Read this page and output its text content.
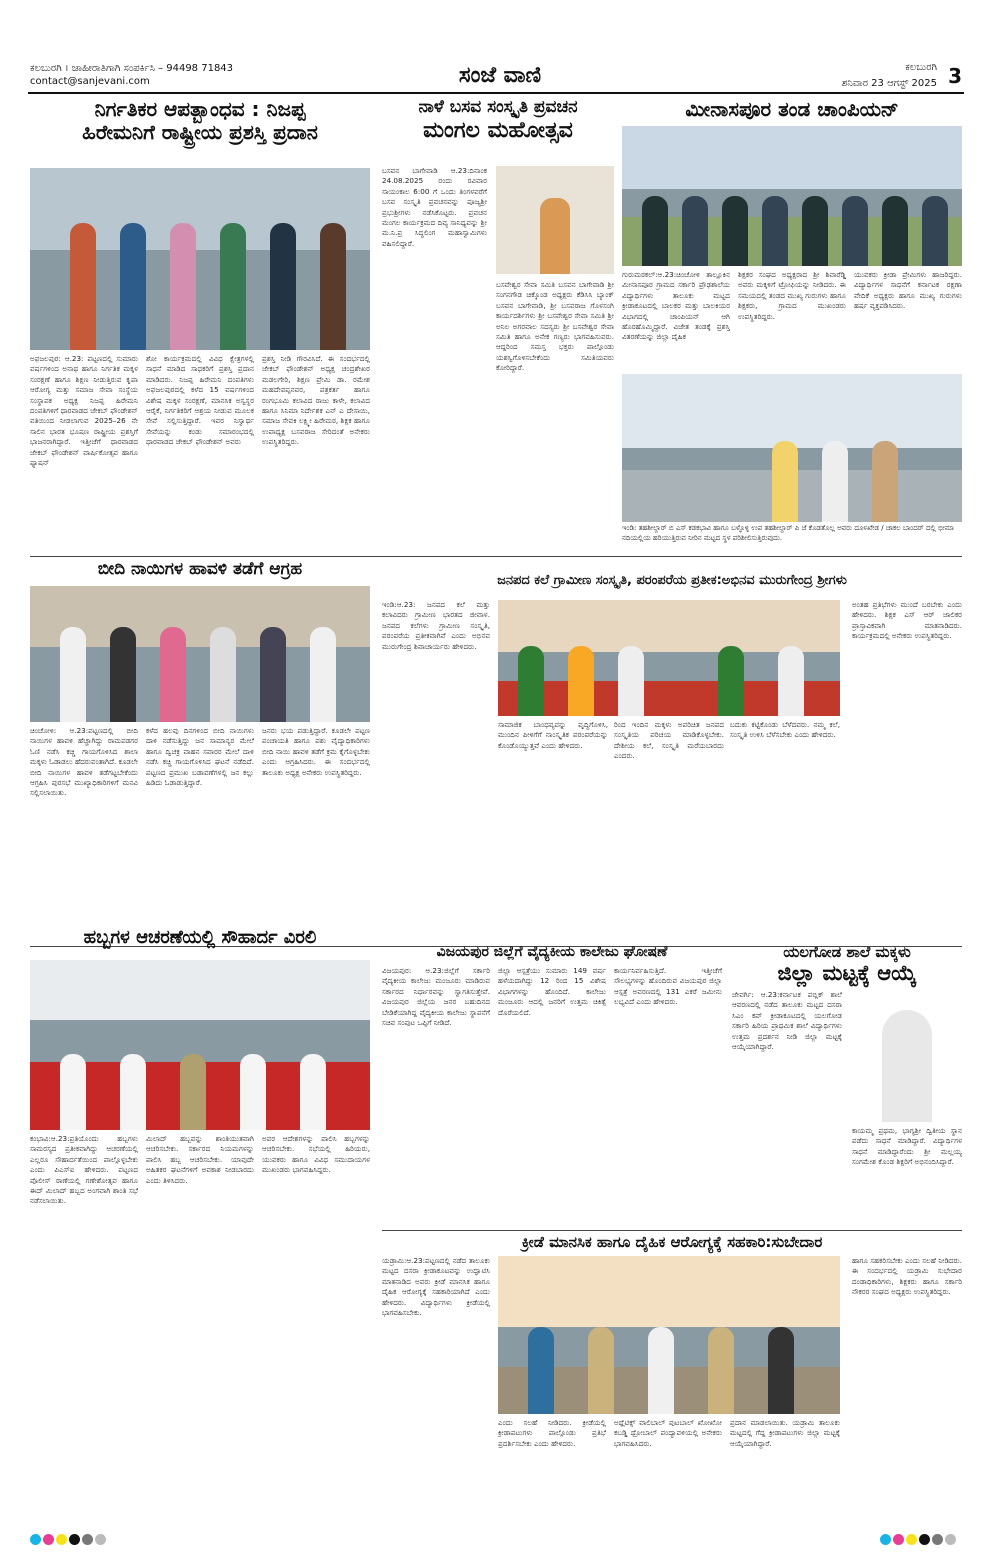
ಕಲಬುರಗಿ । ಜಾಹೀರಾತಿಗಾಗಿ ಸಂಪರ್ಕಿಸಿ – 94498 71843
contact@sanjevani.com	ಸಂಜೆ ವಾಣಿ	ಕಲಬುರಗಿ
ಶನಿವಾರ 23 ಆಗಸ್ಟ್ 2025 3
ನಿರ್ಗತಿಕರ ಆಪತ್ಬಾಂಧವ : ನಿಜಪ್ಪ
ಹಿರೇಮನಿಗೆ ರಾಷ್ಟ್ರೀಯ ಪ್ರಶಸ್ತಿ ಪ್ರದಾನ
ಅಫಜಲಪುರ: ಆ.23: ಪಟ್ಟಣದಲ್ಲಿ ಸುಮಾರು ವರ್ಷಗಳಿಂದ ಅನಾಥ ಹಾಗೂ ನಿರ್ಗತಿಕ ಮಕ್ಕಳ ಸಂರಕ್ಷಣೆ ಹಾಗೂ ಶಿಕ್ಷಣ ನೀಡುತ್ತಿರುವ ಕೃಪಾ ಆರೋಗ್ಯ ಮತ್ತು ಸಮಾಜ ಸೇವಾ ಸಂಸ್ಥೆಯ ಸಂಸ್ಥಾಪಕ ಅಧ್ಯಕ್ಷ ನಿಜಪ್ಪ ಹಿರೇಮನಿ ದಂಪತಿಗಳಿಗೆ ಧಾರವಾಡದ ಜೇಕಬ್ ಫೌಂಡೇಶನ್ ವತಿಯಿಂದ ನೀಡಲಾಗುವ 2025–26 ನೇ ಸಾಲಿನ ಭಾರತ ಭೂಷಣ ರಾಷ್ಟ್ರೀಯ ಪ್ರಶಸ್ತಿಗೆ ಭಾಜನರಾಗಿದ್ದಾರೆ. ಇತ್ತೀಚೆಗೆ ಧಾರವಾಡದ ಜೇಕಬ್ ಫೌಂಡೇಶನ್ ವಾರ್ಷಿಕೋತ್ಸವ ಹಾಗೂ ಫ್ಯಾಷನ್
ಶೋ ಕಾರ್ಯಕ್ರಮದಲ್ಲಿ ವಿವಿಧ ಕ್ಷೇತ್ರಗಳಲ್ಲಿ ಸಾಧನೆ ಮಾಡಿದ ಸಾಧಕರಿಗೆ ಪ್ರಶಸ್ತಿ ಪ್ರದಾನ ಮಾಡಿದರು. ನಿಜಪ್ಪ ಹಿರೇಮನಿ ದಂಪತಿಗಳು ಅಫಜಲಪುರದಲ್ಲಿ ಕಳೆದ 15 ವರ್ಷಗಳಿಂದ ವಿಶೇಷ ಮಕ್ಕಳ ಸಂರಕ್ಷಣೆ, ಮಾನಸಿಕ ಅಸ್ವಸ್ಥರ ಆರೈಕೆ, ನಿರ್ಗತಿಕರಿಗೆ ಆಶ್ರಯ ನೀಡುವ ಮೂಲಕ ಸೇವೆ ಸಲ್ಲಿಸುತ್ತಿದ್ದಾರೆ. ಇವರ ನಿಸ್ವಾರ್ಥ ಸೇವೆಯನ್ನು ಕಂಡು ಸಮಾರಂಭದಲ್ಲಿ ಧಾರವಾಡದ ಜೇಕಬ್ ಫೌಂಡೇಶನ್ ಅವರು
ಪ್ರಶಸ್ತಿ ನೀಡಿ ಗೌರವಿಸಿದೆ. ಈ ಸಂದರ್ಭದಲ್ಲಿ ಜೇಕಬ್ ಫೌಂಡೇಶನ್ ಅಧ್ಯಕ್ಷ ಚಂದ್ರಶೇಖರ ಮಡಲಗೇರಿ, ಶಿಕ್ಷಣ ಪ್ರೇಮಿ ಡಾ. ರಮೇಶ ಮಹದೇವಪ್ಪನವರ, ಪತ್ರಕರ್ತ ಹಾಗೂ ರಂಗಭೂಮಿ ಕಲಾವಿದ ರಾಜು ಕಾಳೇ, ಕಲಾವಿದ ಹಾಗೂ ಸಿನಿಮಾ ನಿರ್ದೇಶಕ ಎನ್ ಎ ದೇಸಾಯಿ, ಸಮಾಜ ಸೇವಕಿ ಲಕ್ಷ್ಮೀ ಹಿರೇಮಠ, ಶಿಕ್ಷಕ ಹಾಗೂ ಉಪಾಧ್ಯಕ್ಷ ಬಸವರಾಜ ಸೇರಿದಂತೆ ಅನೇಕರು ಉಪಸ್ಥಿತರಿದ್ದರು.
ನಾಳೆ ಬಸವ ಸಂಸ್ಕೃತಿ ಪ್ರವಚನ
ಮಂಗಲ ಮಹೋತ್ಸವ
ಬಸವನ ಬಾಗೇವಾಡಿ ಆ.23:ದಿನಾಂಕ 24.08.2025 ರಂದು ರವಿವಾರ ಸಾಯಂಕಾಲ 6:00 ಗೆ ಒಂದು ತಿಂಗಳವರೆಗೆ ಬಸವ ಸಂಸ್ಕೃತಿ ಪ್ರವಚನವನ್ನು ಪೂಜ್ಯಶ್ರೀ ಪ್ರಭುಶ್ರೀಗಳು ನಡೆಸಿಕೊಟ್ಟರು. ಪ್ರವಚನ ಮಂಗಲ ಕಾರ್ಯಕ್ರಮದ ದಿವ್ಯ ಸಾನಿಧ್ಯವನ್ನು ಶ್ರೀ ಮ.ನಿ.ಪ್ರ ಸಿದ್ಧಲಿಂಗ ಮಹಾಸ್ವಾಮಿಗಳು ವಹಿಸಲಿದ್ದಾರೆ.
ಬಸವೇಶ್ವರ ಸೇವಾ ಸಮಿತಿ ಬಸವನ ಬಾಗೇವಾಡಿ ಶ್ರೀ ಸಂಗನಗೌಡ ಚಿಕ್ಕೊಂಡ ಅಧ್ಯಕ್ಷರು ಕೆಡಿಸಿಸಿ ಬ್ಯಾಂಕ್ ಬಸವನ ಬಾಗೇವಾಡಿ, ಶ್ರೀ ಬಸವರಾಜ ಗೊಳಸಂಗಿ ಕಾರ್ಯದರ್ಶಿಗಳು ಶ್ರೀ ಬಸವೇಶ್ವರ ಸೇವಾ ಸಮಿತಿ ಶ್ರೀ ಅನಿಲ ಅಗರವಾಲ ಸದಸ್ಯರು ಶ್ರೀ ಬಸವೇಶ್ವರ ಸೇವಾ ಸಮಿತಿ ಹಾಗೂ ಅನೇಕ ಗಣ್ಯರು ಭಾಗವಹಿಸುವರು. ಆದ್ದರಿಂದ ಸಮಸ್ತ ಭಕ್ತರು ಪಾಲ್ಗೊಂಡು ಯಶಸ್ವಿಗೊಳಿಸಬೇಕೆಂದು ಸಮಿತಿಯವರು ಕೋರಿದ್ದಾರೆ.
ಮೀನಾಸಪೂರ ತಂಡ ಚಾಂಪಿಯನ್
ಗುರುಮಠಕಲ್:ಆ.23:ಚಿಂಚೋಳಿ ತಾಲ್ಲೂಕಿನ ಮೀನಾಸಪೂರ ಗ್ರಾಮದ ಸರ್ಕಾರಿ ಪ್ರೌಢಶಾಲೆಯ ವಿದ್ಯಾರ್ಥಿಗಳು ತಾಲೂಕು ಮಟ್ಟದ ಕ್ರೀಡಾಕೂಟದಲ್ಲಿ ಬಾಲಕರ ಮತ್ತು ಬಾಲಕಿಯರ ವಿಭಾಗದಲ್ಲಿ ಚಾಂಪಿಯನ್ ಆಗಿ ಹೊರಹೊಮ್ಮಿದ್ದಾರೆ. ವಿಜೇತ ತಂಡಕ್ಕೆ ಪ್ರಶಸ್ತಿ ವಿತರಣೆಯನ್ನು ಜಿಲ್ಲಾ ದೈಹಿಕ
ಶಿಕ್ಷಕರ ಸಂಘದ ಅಧ್ಯಕ್ಷರಾದ ಶ್ರೀ ಶಿವಾರೆಡ್ಡಿ ಅವರು ಮಕ್ಕಳಿಗೆ ಟ್ರೋಫಿಯನ್ನು ನೀಡಿದರು. ಈ ಸಮಯದಲ್ಲಿ ತಂಡದ ಮುಖ್ಯ ಗುರುಗಳು ಹಾಗೂ ಶಿಕ್ಷಕರು, ಗ್ರಾಮದ ಮುಖಂಡರು ಉಪಸ್ಥಿತರಿದ್ದರು.
ಯುವಕರು ಕ್ರೀಡಾ ಪ್ರೇಮಿಗಳು ಹಾಜರಿದ್ದರು. ವಿದ್ಯಾರ್ಥಿಗಳ ಸಾಧನೆಗೆ ಕರ್ನಾಟಕ ರಕ್ಷಣಾ ವೇದಿಕೆ ಅಧ್ಯಕ್ಷರು ಹಾಗೂ ಮುಖ್ಯ ಗುರುಗಳು ಹರ್ಷ ವ್ಯಕ್ತಪಡಿಸಿದರು.
ಇಂಡಿ: ತಹಶೀಲ್ದಾರ್ ಬಿ ಎಸ್ ಕಡಕಭಾವಿ ಹಾಗೂ ಬಳ್ಳೊಳ್ಳಿ ಉಪ ತಹಶೀಲ್ದಾರ್ ಪಿ ಜೆ ಕೊಡತೊಲ್ಲ ಅವರು ದೂಳಖೇಡ / ಚಾಕಲ ಬಾಂದರ್ ದಲ್ಲಿ ಭೀಮಾ ನದಿಯಲ್ಲಿಯ ಹರಿಯುತ್ತಿರುವ ನೀರಿನ ಮಟ್ಟದ ಸ್ಥಳ ಪರಿಶೀಲಿಸುತ್ತಿರುವುದು.
ಬೀದಿ ನಾಯಿಗಳ ಹಾವಳಿ ತಡೆಗೆ ಆಗ್ರಹ
ಚಿಂಚೋಳಿ: ಆ.23:ಪಟ್ಟಣದಲ್ಲಿ ಬೀದಿ ನಾಯಿಗಳ ಹಾವಳಿ ಹೆಚ್ಚಾಗಿದ್ದು ರಾಮಪಡಗರ ಓಣಿ ನಡೆಸಿ ಕಚ್ಚಿ ಗಾಯಗೊಳಿಸಿದ ಶಾಲಾ ಮಕ್ಕಳು ಓಡಾಡಲು ಹೆದರುವಂತಾಗಿದೆ. ಕೂಡಲೇ ಬೀದಿ ನಾಯಿಗಳ ಹಾವಳಿ ತಡೆಗಟ್ಟಬೇಕೆಂದು ಆಗ್ರಹಿಸಿ ಪುರಸಭೆ ಮುಖ್ಯಾಧಿಕಾರಿಗಳಿಗೆ ಮನವಿ ಸಲ್ಲಿಸಲಾಯಿತು.
ಕಳೆದ ಹಲವು ದಿನಗಳಿಂದ ಬೀದಿ ನಾಯಿಗಳು ದಾಳಿ ನಡೆಸುತ್ತಿದ್ದು ಜನ ಸಾಮಾನ್ಯರ ಮೇಲೆ ಹಾಗೂ ದ್ವಿಚಕ್ರ ವಾಹನ ಸವಾರರ ಮೇಲೆ ದಾಳಿ ನಡೆಸಿ ಕಚ್ಚಿ ಗಾಯಗೊಳಿಸಿದ ಘಟನೆ ನಡೆದಿದೆ. ಪಟ್ಟಣದ ಪ್ರಮುಖ ಬಡಾವಣೆಗಳಲ್ಲಿ ಜನ ಕಲ್ಲು ಹಿಡಿದು ಓಡಾಡುತ್ತಿದ್ದಾರೆ.
ಜನರು ಭಯ ಪಡುತ್ತಿದ್ದಾರೆ. ಕೂಡಲೇ ಪಟ್ಟಣ ಪಂಚಾಯತಿ ಹಾಗೂ ಪಶು ವೈದ್ಯಾಧಿಕಾರಿಗಳು ಬೀದಿ ನಾಯಿ ಹಾವಳಿ ತಡೆಗೆ ಕ್ರಮ ಕೈಗೊಳ್ಳಬೇಕು ಎಂದು ಆಗ್ರಹಿಸಿದರು. ಈ ಸಂದರ್ಭದಲ್ಲಿ ತಾಲೂಕು ಅಧ್ಯಕ್ಷ ಅನೇಕರು ಉಪಸ್ಥಿತರಿದ್ದರು.
ಜನಪದ ಕಲೆ ಗ್ರಾಮೀಣ ಸಂಸ್ಕೃತಿ, ಪರಂಪರೆಯ ಪ್ರತೀಕ:ಅಭಿನವ ಮುರುಗೇಂದ್ರ ಶ್ರೀಗಳು
ಇಂಡಿ:ಆ.23: ಜನಪದ ಕಲೆ ಮತ್ತು ಕಲಾವಿದರು ಗ್ರಾಮೀಣ ಭಾರತದ ಜೀವಾಳ. ಜನಪದ ಕಲೆಗಳು ಗ್ರಾಮೀಣ ಸಂಸ್ಕೃತಿ, ಪರಂಪರೆಯ ಪ್ರತೀಕವಾಗಿವೆ ಎಂದು ಅಭಿನವ ಮುರುಗೇಂದ್ರ ಶಿವಾಚಾರ್ಯರು ಹೇಳಿದರು.
ಸಾಮಾಜಿಕ ಬಾಂಧವ್ಯವನ್ನು ವೃದ್ಧಿಗೊಳಿಸಿ, ಮುಂದಿನ ಪೀಳಿಗೆಗೆ ನಾಂಸ್ಕೃತಿಕ ಪರಂಪರೆಯನ್ನು ಕೊಂಡೊಯ್ಯುತ್ತವೆ ಎಂದು ಹೇಳಿದರು.
ರಿಂದ ಇಂದಿನ ಮಕ್ಕಳು ಅಪರಿಚಿತ ಜನಪದ ಸಂಸ್ಕೃತಿಯ ಪರಿಚಯ ಮಾಡಿಕೊಳ್ಳಬೇಕು. ದೇಶೀಯ ಕಲೆ, ಸಂಸ್ಕೃತಿ ಮರೆಯಬಾರದು ಎಂದರು.
ಬದುಕು ಕಟ್ಟಿಕೊಂಡು ಬೆಳೆದವರು. ನಮ್ಮ ಕಲೆ, ಸಂಸ್ಕೃತಿ ಉಳಿಸಿ ಬೆಳೆಸಬೇಕು ಎಂದು ಹೇಳಿದರು.
ಅಂತಹ ಪ್ರತಿಭೆಗಳು ಮುಂದೆ ಬರಬೇಕು ಎಂದು ಹೇಳಿದರು. ಶಿಕ್ಷಕ ಎಸ್ ಆರ್ ಜಾಲಿಕರ ಪ್ರಾಸ್ತಾವಿಕವಾಗಿ ಮಾತನಾಡಿದರು. ಕಾರ್ಯಕ್ರಮದಲ್ಲಿ ಅನೇಕರು ಉಪಸ್ಥಿತರಿದ್ದರು.
ಹಬ್ಬಗಳ ಆಚರಣೆಯಲ್ಲಿ ಸೌಹಾರ್ದ ವಿರಲಿ
ಕಂಭಾವಿ:ಆ.23:ಪ್ರತಿಯೊಂದು ಹಬ್ಬಗಳು ಸಾಮರಸ್ಯದ ಪ್ರತೀಕವಾಗಿದ್ದು ಆಚರಣೆಯಲ್ಲಿ ಎಲ್ಲರೂ ಸೌಹಾರ್ದತೆಯಿಂದ ಪಾಲ್ಗೊಳ್ಳಬೇಕು ಎಂದು ಪಿಎಸ್ಐ ಹೇಳಿದರು. ಪಟ್ಟಣದ ಪೊಲೀಸ್ ಠಾಣೆಯಲ್ಲಿ ಗಣೇಶೋತ್ಸವ ಹಾಗೂ ಈದ್ ಮಿಲಾದ್ ಹಬ್ಬದ ಅಂಗವಾಗಿ ಶಾಂತಿ ಸಭೆ ನಡೆಸಲಾಯಿತು.
ಮಿಲಾದ್ ಹಬ್ಬವನ್ನು ಶಾಂತಿಯುತವಾಗಿ ಆಚರಿಸಬೇಕು. ಸರ್ಕಾರದ ನಿಯಮಗಳನ್ನು ಪಾಲಿಸಿ ಹಬ್ಬ ಆಚರಿಸಬೇಕು. ಯಾವುದೇ ಅಹಿತಕರ ಘಟನೆಗಳಿಗೆ ಅವಕಾಶ ನೀಡಬಾರದು ಎಂದು ತಿಳಿಸಿದರು.
ಅವರ ಆದೇಶಗಳನ್ನು ಪಾಲಿಸಿ ಹಬ್ಬಗಳನ್ನು ಆಚರಿಸಬೇಕು. ಸಭೆಯಲ್ಲಿ ಹಿರಿಯರು, ಯುವಕರು ಹಾಗೂ ವಿವಿಧ ಸಮುದಾಯಗಳ ಮುಖಂಡರು ಭಾಗವಹಿಸಿದ್ದರು.
ವಿಜಯಪುರ ಜಿಲ್ಲೆಗೆ ವೈದ್ಯಕೀಯ ಕಾಲೇಜು ಘೋಷಣೆ
ವಿಜಯಪುರ: ಆ.23:ಜಿಲ್ಲೆಗೆ ಸರ್ಕಾರಿ ವೈದ್ಯಕೀಯ ಕಾಲೇಜು ಮಂಜೂರು ಮಾಡಿರುವ ಸರ್ಕಾರದ ನಿರ್ಧಾರವನ್ನು ಸ್ವಾಗತಿಸುತ್ತೇವೆ. ವಿಜಯಪುರ ಜಿಲ್ಲೆಯ ಜನರ ಬಹುದಿನದ ಬೇಡಿಕೆಯಾಗಿದ್ದ ವೈದ್ಯಕೀಯ ಕಾಲೇಜು ಸ್ಥಾಪನೆಗೆ ಸಚಿವ ಸಂಪುಟ ಒಪ್ಪಿಗೆ ನೀಡಿದೆ.
ಜಿಲ್ಲಾ ಆಸ್ಪತ್ರೆಯು ಸುಮಾರು 149 ವರ್ಷ ಹಳೆಯದಾಗಿದ್ದು 12 ರಿಂದ 15 ವಿಶೇಷ ವಿಭಾಗಗಳನ್ನು ಹೊಂದಿದೆ. ಕಾಲೇಜು ಮಂಜೂರು ಆದಲ್ಲಿ ಜನರಿಗೆ ಉತ್ತಮ ಚಿಕಿತ್ಸೆ ದೊರೆಯಲಿದೆ.
ಕಾರ್ಯನಿರ್ವಹಿಸುತ್ತಿದೆ. ಇತ್ತೀಚೆಗೆ ಸೌಲಭ್ಯಗಳನ್ನು ಹೊಂದಿರುವ ವಿಜಯಪುರ ಜಿಲ್ಲಾ ಆಸ್ಪತ್ರೆ ಅವರಣದಲ್ಲಿ 131 ಎಕರೆ ಜಮೀನು ಲಭ್ಯವಿದೆ ಎಂದು ಹೇಳಿದರು.
ಯಲಗೋಡ ಶಾಲೆ ಮಕ್ಕಳು
ಜಿಲ್ಲಾ ಮಟ್ಟಕ್ಕೆ ಆಯ್ಕೆ
ಜೇವರ್ಗಿ: ಆ.23:ಕರ್ನಾಟಕ ಪಬ್ಲಿಕ್ ಶಾಲೆ ಆವರಣದಲ್ಲಿ ನಡೆದ ತಾಲೂಕು ಮಟ್ಟದ ದಸರಾ ಸಿಎಂ ಕಪ್ ಕ್ರೀಡಾಕೂಟದಲ್ಲಿ ಯಲಗೋಡ ಸರ್ಕಾರಿ ಹಿರಿಯ ಪ್ರಾಥಮಿಕ ಶಾಲೆ ವಿದ್ಯಾರ್ಥಿಗಳು ಉತ್ತಮ ಪ್ರದರ್ಶನ ನೀಡಿ ಜಿಲ್ಲಾ ಮಟ್ಟಕ್ಕೆ ಆಯ್ಕೆಯಾಗಿದ್ದಾರೆ.
ಕಾಯಮ್ಮ ಪ್ರಥಮ, ಭಾಗ್ಯಶ್ರೀ ದ್ವಿತೀಯ ಸ್ಥಾನ ಪಡೆದು ಸಾಧನೆ ಮಾಡಿದ್ದಾರೆ. ವಿದ್ಯಾರ್ಥಿಗಳ ಸಾಧನೆ ಮಾಡಿದ್ದಾರೆಂದು ಶ್ರೀ ಮಲ್ಲಯ್ಯ ಸಂಗಮೇಶ ಕೊಂಡ ಶಿಕ್ಷರಿಗೆ ಅಭಿನಂದಿಸಿದ್ದಾರೆ.
ಕ್ರೀಡೆ ಮಾನಸಿಕ ಹಾಗೂ ದೈಹಿಕ ಆರೋಗ್ಯಕ್ಕೆ ಸಹಕಾರಿ:ಸುಬೇದಾರ
ಯಡ್ರಾಮಿ:ಆ.23:ಪಟ್ಟಣದಲ್ಲಿ ನಡೆದ ತಾಲೂಕು ಮಟ್ಟದ ದಸರಾ ಕ್ರೀಡಾಕೂಟವನ್ನು ಉದ್ಘಾಟಿಸಿ ಮಾತನಾಡಿದ ಅವರು ಕ್ರೀಡೆ ಮಾನಸಿಕ ಹಾಗೂ ದೈಹಿಕ ಆರೋಗ್ಯಕ್ಕೆ ಸಹಕಾರಿಯಾಗಿದೆ ಎಂದು ಹೇಳಿದರು. ವಿದ್ಯಾರ್ಥಿಗಳು ಕ್ರೀಡೆಯಲ್ಲಿ ಭಾಗವಹಿಸಬೇಕು.
ಎಂದು ಸಲಹೆ ನೀಡಿದರು. ಕ್ರೀಡೆಯಲ್ಲಿ ಕ್ರೀಡಾಪಟುಗಳು ಪಾಲ್ಗೊಂಡು ಪ್ರತಿಭೆ ಪ್ರದರ್ಶಿಸಬೇಕು ಎಂದು ಹೇಳಿದರು.
ಅಥ್ಲೆಟಿಕ್ಸ್ ವಾಲಿಬಾಲ್ ಪುಟಬಾಲ್ ಖೋಖೋ ಕಬಡ್ಡಿ ಥ್ರೋಬಾಲ್ ಪಂದ್ಯಾವಳಿಯಲ್ಲಿ ಅನೇಕರು ಭಾಗವಹಿಸಿದರು.
ಪ್ರದಾನ ಮಾಡಲಾಯಿತು. ಯಡ್ರಾಮಿ ತಾಲೂಕು ಮಟ್ಟದಲ್ಲಿ ಗೆದ್ದ ಕ್ರೀಡಾಪಟುಗಳು ಜಿಲ್ಲಾ ಮಟ್ಟಕ್ಕೆ ಆಯ್ಕೆಯಾಗಿದ್ದಾರೆ.
ಹಾಗೂ ಸಹಕರಿಸಬೇಕು ಎಂದು ಸಲಹೆ ನೀಡಿದರು. ಈ ಸಂದರ್ಭದಲ್ಲಿ ಯಡ್ರಾಮಿ ಸುಭೇದಾರ ದಂಡಾಧಿಕಾರಿಗಳು, ಶಿಕ್ಷಕರು ಹಾಗೂ ಸರ್ಕಾರಿ ನೌಕರರ ಸಂಘದ ಅಧ್ಯಕ್ಷರು ಉಪಸ್ಥಿತರಿದ್ದರು.
